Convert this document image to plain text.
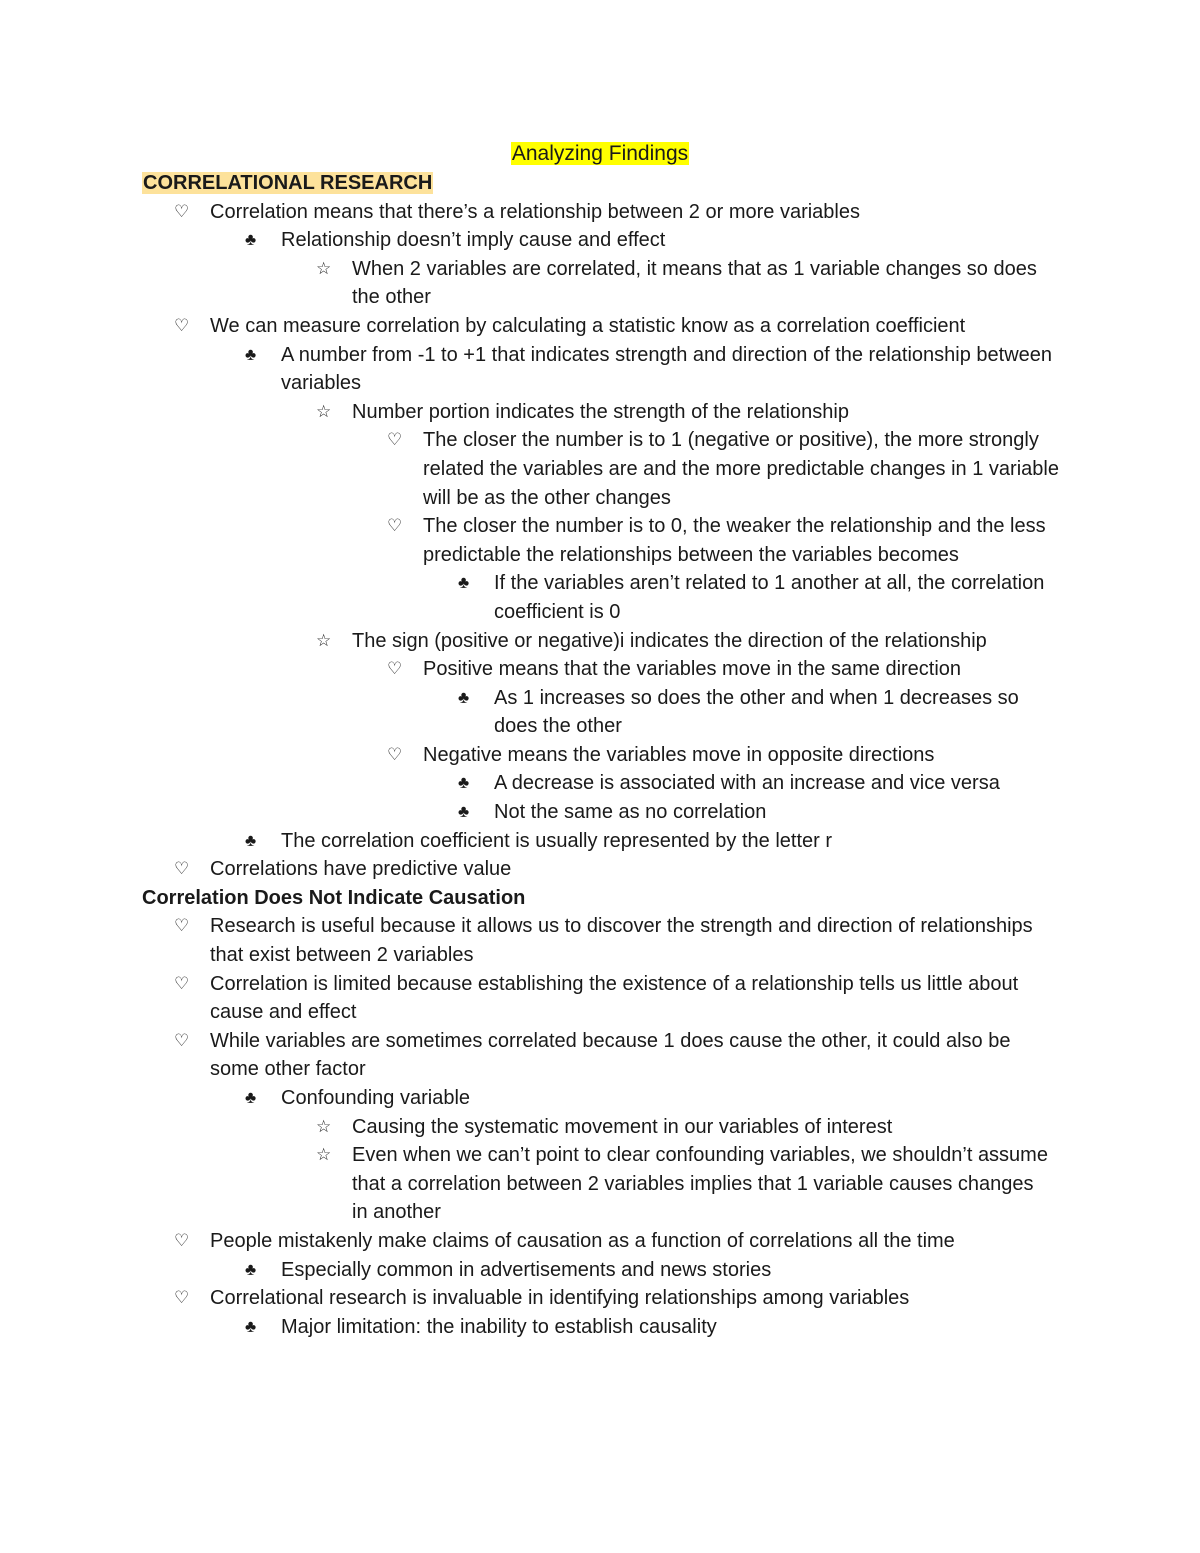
Analyzing Findings
CORRELATIONAL RESEARCH
♡	Correlation means that there’s a relationship between 2 or more variables
♣	Relationship doesn’t imply cause and effect
☆	When 2 variables are correlated, it means that as 1 variable changes so does the other
♡	We can measure correlation by calculating a statistic know as a correlation coefficient
♣	A number from -1 to +1 that indicates strength and direction of the relationship between variables
☆	Number portion indicates the strength of the relationship
♡	The closer the number is to 1 (negative or positive), the more strongly related the variables are and the more predictable changes in 1 variable will be as the other changes
♡	The closer the number is to 0, the weaker the relationship and the less predictable the relationships between the variables becomes
♣	If the variables aren’t related to 1 another at all, the correlation coefficient is 0
☆	The sign (positive or negative)i indicates the direction of the relationship
♡	Positive means that the variables move in the same direction
♣	As 1 increases so does the other and when 1 decreases so does the other
♡	Negative means the variables move in opposite directions
♣	A decrease is associated with an increase and vice versa
♣	Not the same as no correlation
♣	The correlation coefficient is usually represented by the letter r
♡	Correlations have predictive value
Correlation Does Not Indicate Causation
♡	Research is useful because it allows us to discover the strength and direction of relationships that exist between 2 variables
♡	Correlation is limited because establishing the existence of a relationship tells us little about cause and effect
♡	While variables are sometimes correlated because 1 does cause the other, it could also be some other factor
♣	Confounding variable
☆	Causing the systematic movement in our variables of interest
☆	Even when we can’t point to clear confounding variables, we shouldn’t assume that a correlation between 2 variables implies that 1 variable causes changes in another
♡	People mistakenly make claims of causation as a function of correlations all the time
♣	Especially common in advertisements and news stories
♡	Correlational research is invaluable in identifying relationships among variables
♣	Major limitation: the inability to establish causality
